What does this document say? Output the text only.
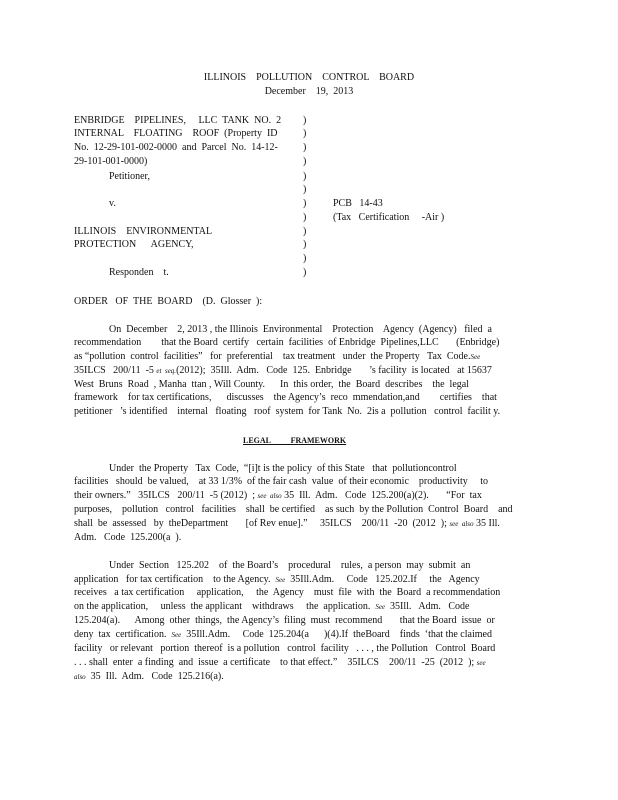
ILLINOIS    POLLUTION    CONTROL    BOARD
December    19,  2013
ENBRIDGE    PIPELINES,     LLC  TANK  NO.  2
INTERNAL    FLOATING    ROOF  (Property  ID
No.  12-29-101-002-0000  and  Parcel  No.  14-12-
29-101-001-0000)
Petitioner,
v.
ILLINOIS    ENVIRONMENTAL
PROTECTION      AGENCY,
Responden    t.
)
)
)
)
)
)
)
)
)
)
)
)
PCB   14-43
(Tax   Certification     -Air )
ORDER   OF  THE  BOARD    (D.  Glosser  ):
On  December    2, 2013 , the Illinois  Environmental    Protection    Agency  (Agency)   filed  a
recommendation        that the Board  certify   certain  facilities  of Enbridge  Pipelines,LLC       (Enbridge)
as “pollution  control  facilities”   for  preferential    tax treatment   under  the Property   Tax  Code.See
35ILCS   200/11  -5 et  seq.(2012);  35Ill.  Adm.   Code  125.  Enbridge       ’s facility  is located   at 15637
West  Bruns  Road  , Manha  ttan , Will County.      In  this order,  the  Board  describes    the  legal
framework    for tax certifications,      discusses    the Agency’s  reco  mmendation,and        certifies    that
petitioner   ’s identified    internal   floating   roof  system  for Tank  No.  2is a  pollution   control  facilit y.
LEGAL          FRAMEWORK
Under  the Property   Tax  Code,  “[i]t is the policy  of this State   that  pollutioncontrol
facilities   should  be valued,    at 33 1/3%  of the fair cash  value  of their economic    productivity     to
their owners.”   35ILCS   200/11  -5 (2012)  ; see  also 35  Ill.  Adm.   Code  125.200(a)(2).       “For  tax
purposes,    pollution   control   facilities    shall  be certified    as such  by the Pollution  Control  Board    and
shall  be  assessed   by  theDepartment       [of Rev enue].”     35ILCS    200/11  -20  (2012  ); see  also 35 Ill.
Adm.   Code  125.200(a  ).
Under  Section   125.202    of  the Board’s    procedural    rules,  a person  may  submit  an
application   for tax certification    to the Agency. See 35Ill.Adm.     Code   125.202.If     the   Agency
receives   a tax certification     application,     the  Agency    must  file  with  the  Board  a recommendation
on the application,     unless  the applicant    withdraws     the  application. See 35Ill.   Adm.   Code
125.204(a).      Among  other  things,  the Agency’s  filing  must  recommend       that the Board  issue  or
deny  tax  certification. See 35Ill.Adm.     Code  125.204(a      )(4).If  theBoard    finds  ‘that the claimed
facility   or relevant   portion  thereof  is a pollution   control  facility   . . . , the Pollution   Control  Board
. . . shall  enter  a finding  and  issue  a certificate    to that effect.”    35ILCS    200/11  -25  (2012  ); see
also 35  Ill.  Adm.   Code  125.216(a).
